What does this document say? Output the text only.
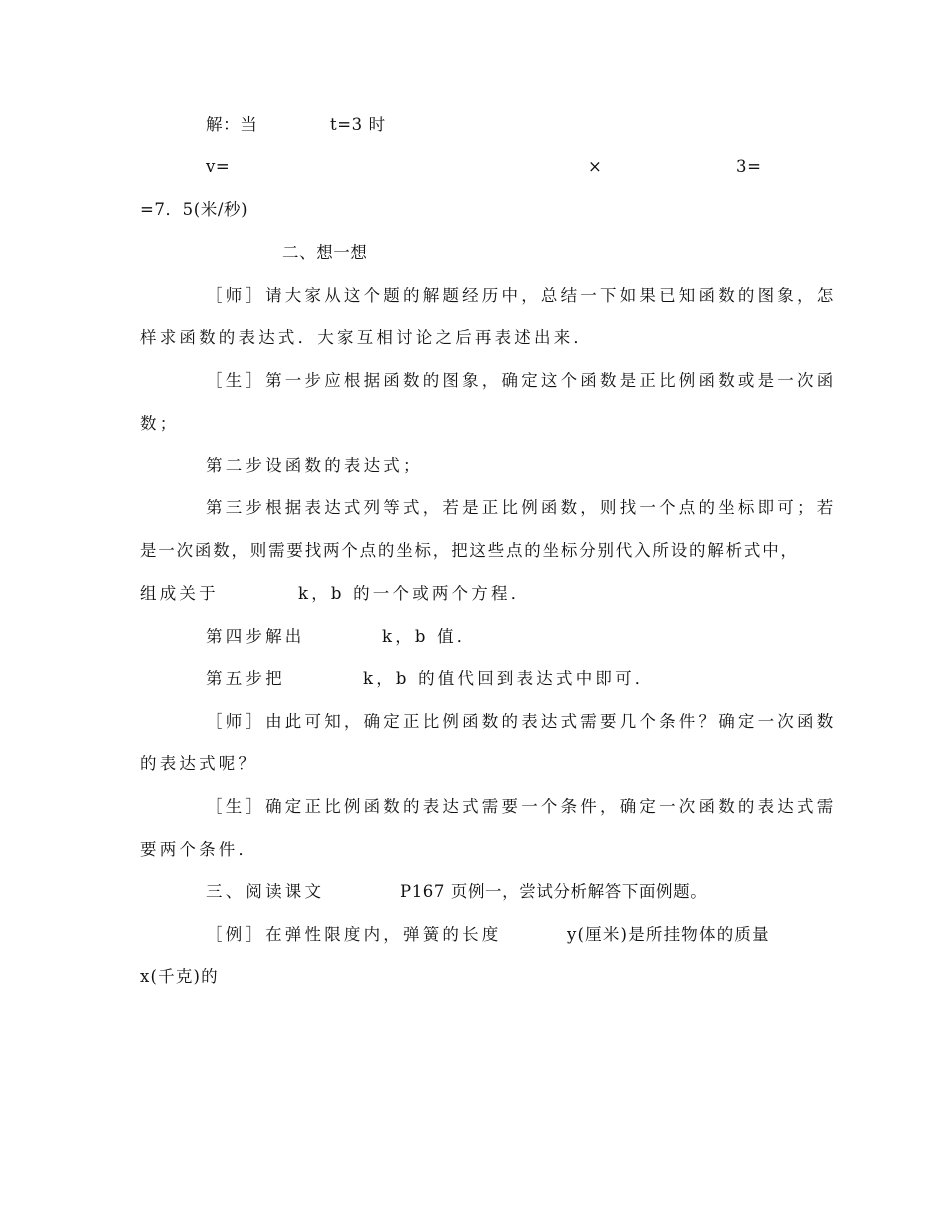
解：当	t=3 时
v=	×	3=
=7．5(米/秒)
二、想一想
［师］请大家从这个题的解题经历中，总结一下如果已知函数的图象，怎
样求函数的表达式．大家互相讨论之后再表述出来．
［生］第一步应根据函数的图象，确定这个函数是正比例函数或是一次函
数；
第二步设函数的表达式；
第三步根据表达式列等式，若是正比例函数，则找一个点的坐标即可；若
是一次函数，则需要找两个点的坐标，把这些点的坐标分别代入所设的解析式中，
组成关于	k，b 的一个或两个方程．
第四步解出	k，b 值．
第五步把	k，b 的值代回到表达式中即可．
［师］由此可知，确定正比例函数的表达式需要几个条件？确定一次函数
的表达式呢？
［生］确定正比例函数的表达式需要一个条件，确定一次函数的表达式需
要两个条件．
三、阅读课文	P167 页例一，尝试分析解答下面例题。
［例］在弹性限度内，弹簧的长度	y(厘米)是所挂物体的质量
x(千克)的
